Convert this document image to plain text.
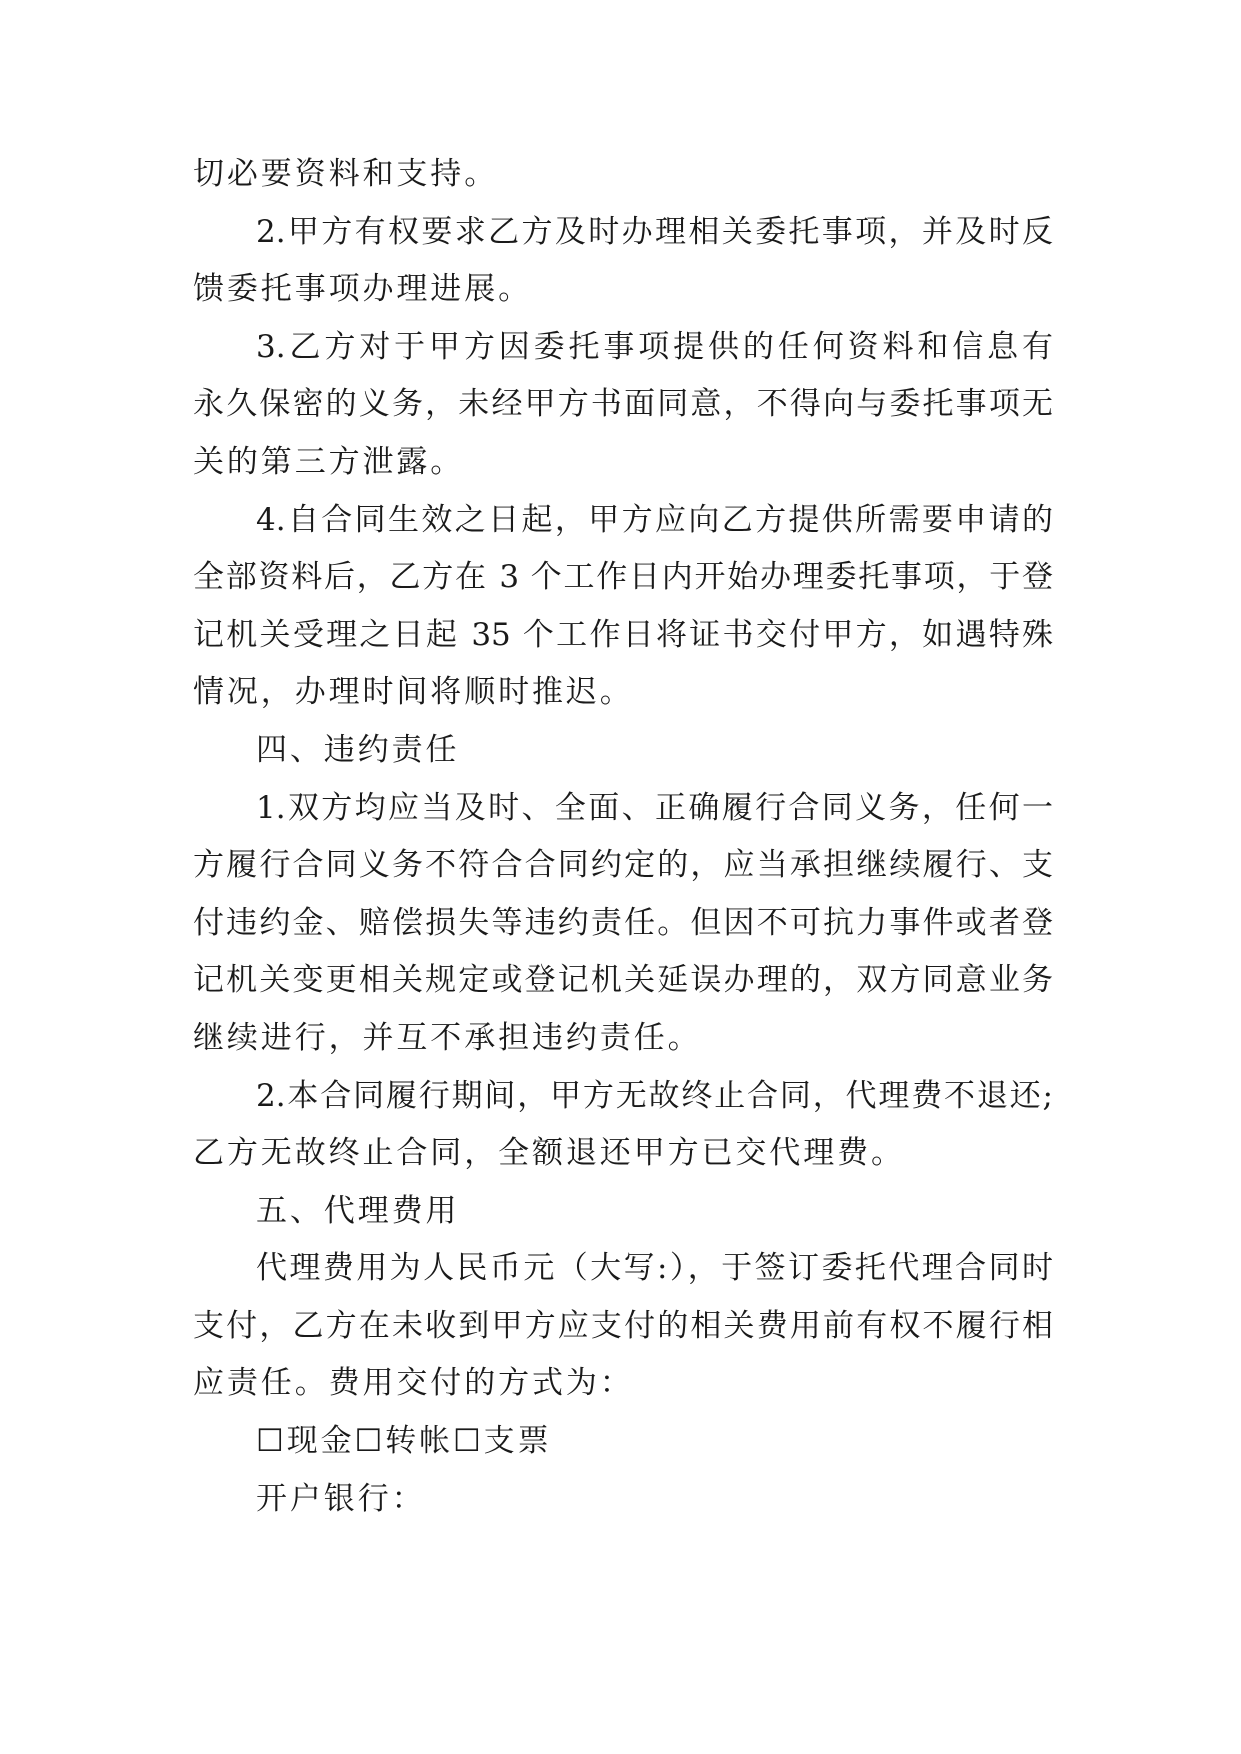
切必要资料和支持。
2.甲方有权要求乙方及时办理相关委托事项，并及时反
馈委托事项办理进展。
3.乙方对于甲方因委托事项提供的任何资料和信息有
永久保密的义务，未经甲方书面同意，不得向与委托事项无
关的第三方泄露。
4.自合同生效之日起，甲方应向乙方提供所需要申请的
全部资料后，乙方在 3 个工作日内开始办理委托事项，于登
记机关受理之日起 35 个工作日将证书交付甲方，如遇特殊
情况，办理时间将顺时推迟。
四、违约责任
1.双方均应当及时、全面、正确履行合同义务，任何一
方履行合同义务不符合合同约定的，应当承担继续履行、支
付违约金、赔偿损失等违约责任。但因不可抗力事件或者登
记机关变更相关规定或登记机关延误办理的，双方同意业务
继续进行，并互不承担违约责任。
2.本合同履行期间，甲方无故终止合同，代理费不退还;
乙方无故终止合同，全额退还甲方已交代理费。
五、代理费用
代理费用为人民币元（大写:），于签订委托代理合同时
支付，乙方在未收到甲方应支付的相关费用前有权不履行相
应责任。费用交付的方式为：
☐现金☐转帐☐支票
开户银行：
